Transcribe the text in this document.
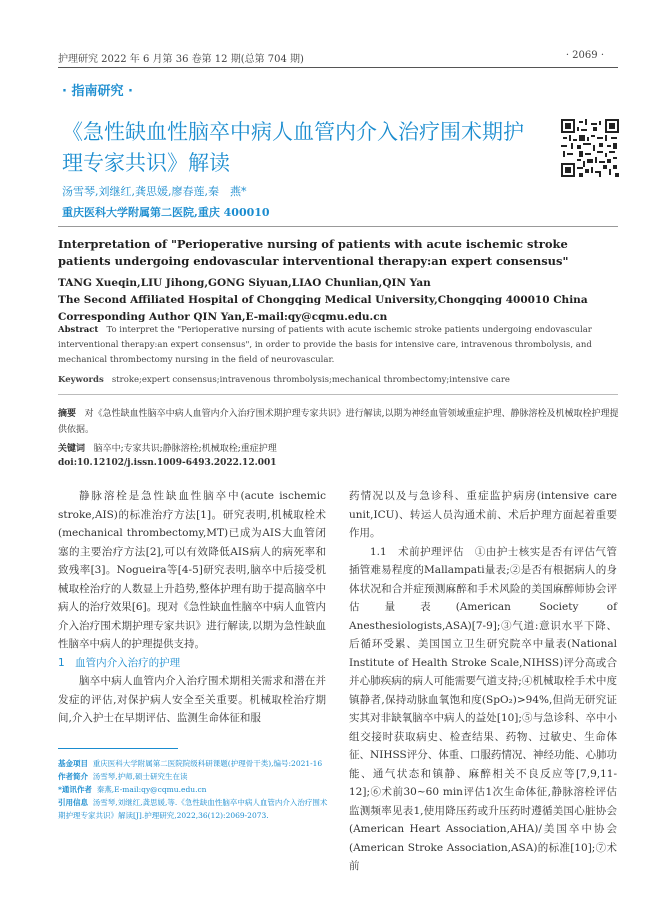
护理研究 2022 年 6 月第 36 卷第 12 期(总第 704 期)	· 2069 ·
· 指南研究 ·
《急性缺血性脑卒中病人血管内介入治疗围术期护理专家共识》解读
汤雪琴,刘继红,龚思媛,廖春莲,秦　燕*
重庆医科大学附属第二医院,重庆 400010
Interpretation of "Perioperative nursing of patients with acute ischemic stroke patients undergoing endovascular interventional therapy:an expert consensus"
TANG Xueqin,LIU Jihong,GONG Siyuan,LIAO Chunlian,QIN Yan
The Second Affiliated Hospital of Chongqing Medical University,Chongqing 400010 China
Corresponding Author QIN Yan,E-mail:qy@cqmu.edu.cn
Abstract To interpret the "Perioperative nursing of patients with acute ischemic stroke patients undergoing endovascular interventional therapy:an expert consensus", in order to provide the basis for intensive care, intravenous thrombolysis, and mechanical thrombectomy nursing in the field of neurovascular.
Keywords stroke;expert consensus;intravenous thrombolysis;mechanical thrombectomy;intensive care
摘要 对《急性缺血性脑卒中病人血管内介入治疗围术期护理专家共识》进行解读,以期为神经血管领域重症护理、静脉溶栓及机械取栓护理提供依据。
关键词 脑卒中;专家共识;静脉溶栓;机械取栓;重症护理
doi:10.12102/j.issn.1009-6493.2022.12.001

静脉溶栓是急性缺血性脑卒中(acute ischemic stroke,AIS)的标准治疗方法[1]。研究表明,机械取栓术(mechanical thrombectomy,MT)已成为AIS大血管闭塞的主要治疗方法[2],可以有效降低AIS病人的病死率和致残率[3]。Nogueira等[4-5]研究表明,脑卒中后接受机械取栓治疗的人数显上升趋势,整体护理有助于提高脑卒中病人的治疗效果[6]。现对《急性缺血性脑卒中病人血管内介入治疗围术期护理专家共识》进行解读,以期为急性缺血性脑卒中病人的护理提供支持。

1　血管内介入治疗的护理

脑卒中病人血管内介入治疗围术期相关需求和潜在并发症的评估,对保护病人安全至关重要。机械取栓治疗期间,介入护士在早期评估、监测生命体征和服

药情况以及与急诊科、重症监护病房(intensive care unit,ICU)、转运人员沟通术前、术后护理方面起着重要作用。

1.1　术前护理评估　①由护士核实是否有评估气管插管难易程度的Mallampati量表;②是否有根据病人的身体状况和合并症预测麻醉和手术风险的美国麻醉师协会评估量表(American Society of Anesthesiologists,ASA)[7-9];③气道:意识水平下降、后循环受累、美国国立卫生研究院卒中量表(National Institute of Health Stroke Scale,NIHSS)评分高或合并心肺疾病的病人可能需要气道支持;④机械取栓手术中度镇静者,保持动脉血氧饱和度(SpO₂)>94%,但尚无研究证实其对非缺氧脑卒中病人的益处[10];⑤与急诊科、卒中小组交接时获取病史、检查结果、药物、过敏史、生命体征、NIHSS评分、体重、口服药情况、神经功能、心肺功能、通气状态和镇静、麻醉相关不良反应等[7,9,11-12];⑥术前30~60 min评估1次生命体征,静脉溶栓评估监测频率见表1,使用降压药或升压药时遵循美国心脏协会(American Heart Association,AHA)/美国卒中协会(American Stroke Association,ASA)的标准[10];⑦术前

基金项目 重庆医科大学附属第二医院院级科研课题(护理骨干类),编号:2021-16
作者简介 汤雪琴,护师,硕士研究生在读
*通讯作者 秦燕,E-mail:qy@cqmu.edu.cn
引用信息 汤雪琴,刘继红,龚思媛,等.《急性缺血性脑卒中病人血管内介入治疗围术期护理专家共识》解读[J].护理研究,2022,36(12):2069-2073.
